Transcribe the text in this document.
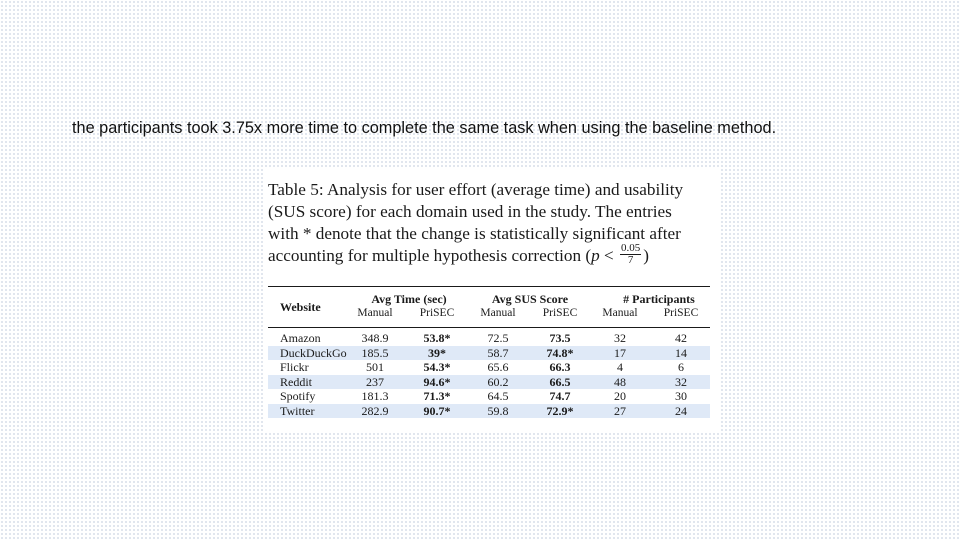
the participants took 3.75x more time to complete the same task when using the baseline method.

Table 5: Analysis for user effort (average time) and usability
(SUS score) for each domain used in the study. The entries
with * denote that the change is statistically significant after
accounting for multiple hypothesis correction ($p < \frac{0.05}{7}$ )
Website
Avg Time (sec)	Avg SUS Score	# Participants
Manual	PriSEC	Manual	PriSEC	Manual	PriSEC
Amazon	348.9	53.8*	72.5	73.5	32	42
DuckDuckGo	185.5	39*	58.7	74.8*	17	14
Flickr	501	54.3*	65.6	66.3	4	6
Reddit	237	94.6*	60.2	66.5	48	32
Spotify	181.3	71.3*	64.5	74.7	20	30
Twitter	282.9	90.7*	59.8	72.9*	27	24
